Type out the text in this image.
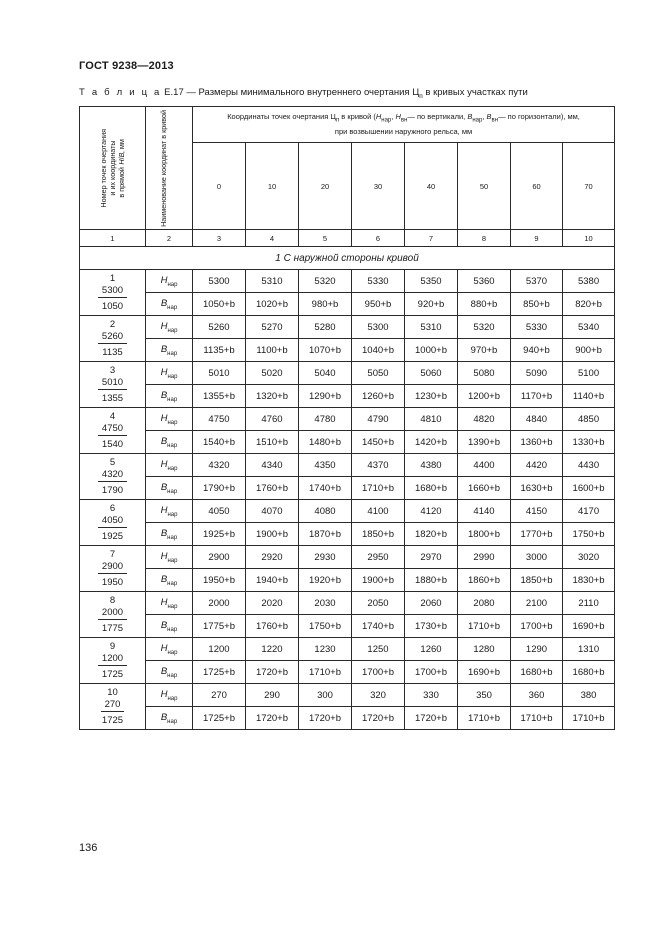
ГОСТ 9238—2013
Т а б л и ц а Е.17 — Размеры минимального внутреннего очертания $Ц_п$ в кривых участках пути
Номер точек очертания
и их координаты
в прямой H/B, мм	Наименование координат в кривой	Координаты точек очертания $Ц_п$ в кривой ($H_{нар}$, $H_{вн}—$ по вертикали, $B_{нар}$, $B_{вн}—$ по горизонтали), мм,
при возвышении наружного рельса, мм							
		0	10	20	30	40	50	60	70
1	2	3	4	5	6	7	8	9	10
1 С наружной стороны кривой									

1
5300
1050	$H_{нар}$	5300	5310	5320	5330	5350	5360	5370	5380
	$B_{нар}$	1050+b	1020+b	980+b	950+b	920+b	880+b	850+b	820+b

2
5260
1135	$H_{нар}$	5260	5270	5280	5300	5310	5320	5330	5340
	$B_{нар}$	1135+b	1100+b	1070+b	1040+b	1000+b	970+b	940+b	900+b

3
5010
1355	$H_{нар}$	5010	5020	5040	5050	5060	5080	5090	5100
	$B_{нар}$	1355+b	1320+b	1290+b	1260+b	1230+b	1200+b	1170+b	1140+b

4
4750
1540	$H_{нар}$	4750	4760	4780	4790	4810	4820	4840	4850
	$B_{нар}$	1540+b	1510+b	1480+b	1450+b	1420+b	1390+b	1360+b	1330+b

5
4320
1790	$H_{нар}$	4320	4340	4350	4370	4380	4400	4420	4430
	$B_{нар}$	1790+b	1760+b	1740+b	1710+b	1680+b	1660+b	1630+b	1600+b

6
4050
1925	$H_{нар}$	4050	4070	4080	4100	4120	4140	4150	4170
	$B_{нар}$	1925+b	1900+b	1870+b	1850+b	1820+b	1800+b	1770+b	1750+b

7
2900
1950	$H_{нар}$	2900	2920	2930	2950	2970	2990	3000	3020
	$B_{нар}$	1950+b	1940+b	1920+b	1900+b	1880+b	1860+b	1850+b	1830+b

8
2000
1775	$H_{нар}$	2000	2020	2030	2050	2060	2080	2100	2110
	$B_{нар}$	1775+b	1760+b	1750+b	1740+b	1730+b	1710+b	1700+b	1690+b

9
1200
1725	$H_{нар}$	1200	1220	1230	1250	1260	1280	1290	1310
	$B_{нар}$	1725+b	1720+b	1710+b	1700+b	1700+b	1690+b	1680+b	1680+b

10
270
1725	$H_{нар}$	270	290	300	320	330	350	360	380
	$B_{нар}$	1725+b	1720+b	1720+b	1720+b	1720+b	1710+b	1710+b	1710+b
136
